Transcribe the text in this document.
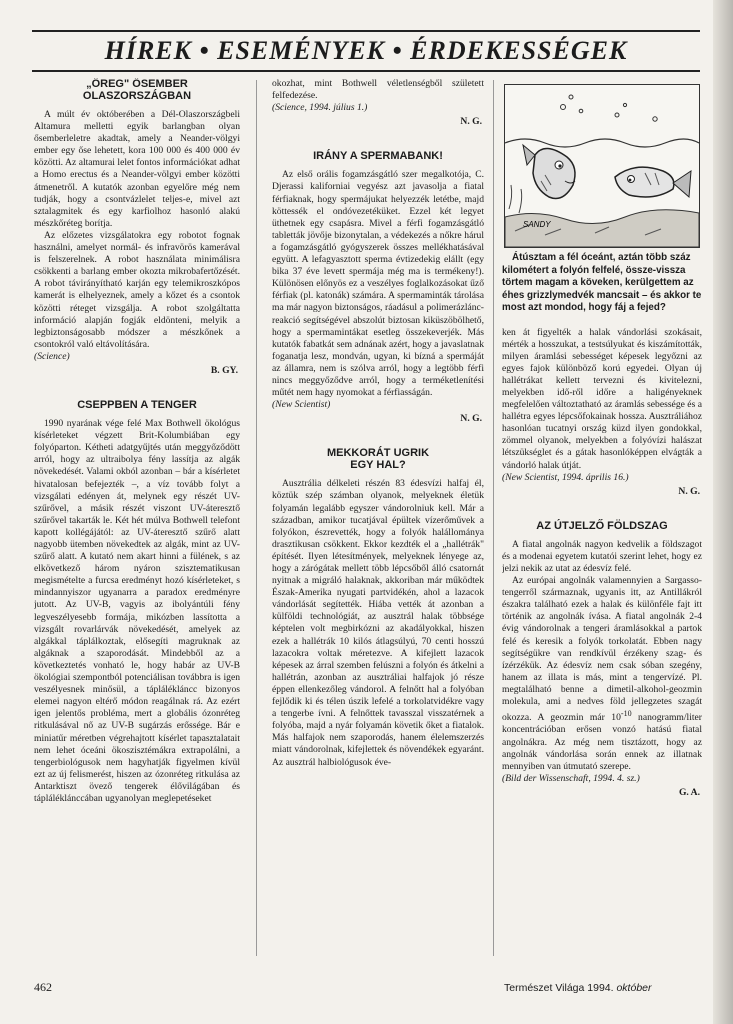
HÍREK • ESEMÉNYEK • ÉRDEKESSÉGEK
„ÖREG" ŐSEMBER
OLASZORSZÁGBAN

A múlt év októberében a Dél-Olaszországbeli Altamura melletti egyik barlangban olyan ősemberleletre akadtak, amely a Neander-völgyi ember egy őse lehetett, kora 100 000 és 400 000 év közötti. Az altamurai lelet fontos információkat adhat a Homo erectus és a Neander-völgyi ember közötti átmenetről. A kutatók azonban egyelőre még nem tudják, hogy a csontvázlelet teljes-e, mivel azt sztalagmitek és egy karfiolhoz hasonló alakú mészkőréteg borítja.

Az előzetes vizsgálatokra egy robotot fognak használni, amelyet normál- és infravörös kamerával is felszerelnek. A robot használata minimálisra csökkenti a barlang ember okozta mikrobafertőzését. A robot távirányítható karján egy telemikroszkópos kamerát is elhelyeznek, amely a kőzet és a csontok közötti réteget vizsgálja. A robot szolgáltatta információ alapján fogják eldönteni, melyik a legbiztonságosabb módszer a mészkőnek a csontokról való eltávolítására.

(Science)

B. GY.

CSEPPBEN A TENGER

1990 nyarának vége felé Max Bothwell ökológus kísérleteket végzett Brit-Kolumbiában egy folyóparton. Kétheti adatgyűjtés után meggyőződött arról, hogy az ultraibolya fény lassítja az algák növekedését. Valami okból azonban – bár a kísérletet hivatalosan befejezték –, a víz tovább folyt a vizsgálati edényen át, melynek egy részét UV-szűrővel, a másik részét viszont UV-áteresztő szűrővel takarták le. Két hét múlva Bothwell telefont kapott kollégájától: az UV-áteresztő szűrő alatt nagyobb ütemben növekedtek az algák, mint az UV-szűrő alatt. A kutató nem akart hinni a fülének, s az elkövetkező három nyáron szisztematikusan megismételte a furcsa eredményt hozó kísérleteket, s mindannyiszor ugyanarra a paradox eredményre jutott. Az UV-B, vagyis az ibolyántúli fény legveszélyesebb formája, mikózben lassította a vizsgált rovarlárvák növekedését, amelyek az algákkal táplálkoztak, elősegíti magruknak az algáknak a szaporodását. Mindebből az a következtetés vonható le, hogy habár az UV-B ökológiai szempontból potenciálisan továbbra is igen veszélyesnek minősül, a táplálékláncc bizonyos elemei nagyon eltérő módon reagálnak rá. Az ezért igen jelentős probléma, mert a globális ózonréteg ritkulásával nő az UV-B sugárzás erőssége. Bár e miniatűr méretben végrehajtott kísérlet tapasztalatait nem lehet óceáni ökoszisztémákra extrapolálni, a tengerbiológusok nem hagyhatják figyelmen kívül ezt az új felismerést, hiszen az ózonréteg ritkulása az Antarktiszt övező tengerek élővilágában és tápláléklánccában ugyanolyan meglepetéseket

okozhat, mint Bothwell véletlenségből született felfedezése.

(Science, 1994. július 1.)

N. G.

IRÁNY A SPERMABANK!

Az első orális fogamzásgátló szer megalkotója, C. Djerassi kaliforniai vegyész azt javasolja a fiatal férfiaknak, hogy spermájukat helyezzék letétbe, majd köttessék el ondóvezetéküket. Ezzel két legyet üthetnek egy csapásra. Mivel a férfi fogamzásgátló tabletták jövője bizonytalan, a védekezés a nőkre hárul a fogamzásgátló gyógyszerek összes mellékhatásával együtt. A lefagyasztott sperma évtizedekig elállt (egy bika 37 éve levett spermája még ma is termékeny!). Különösen előnyös ez a veszélyes foglalkozásokat űző férfiak (pl. katonák) számára. A spermaminták tárolása ma már nagyon biztonságos, ráadásul a polimerázlánc-reakció segítségével abszolút biztosan kiküszöbölhető, hogy a spermamintákat esetleg összekeverjék. Más kutatók fabatkát sem adnának azért, hogy a javaslatnak foganatja lesz, mondván, ugyan, ki bízná a spermáját az államra, nem is szólva arról, hogy a legtöbb férfi nincs meggyőződve arról, hogy a terméketlenítési műtét nem hagy nyomokat a férfiasságán.

(New Scientist)

N. G.

MEKKORÁT UGRIK
EGY HAL?

Ausztrália délkeleti részén 83 édesvízi halfaj él, köztük szép számban olyanok, melyeknek életük folyamán legalább egyszer vándorolniuk kell. Már a században, amikor tucatjával épültek vízerőművek a folyókon, észrevették, hogy a folyók halállománya drasztikusan csökkent. Ekkor kezdték el a „hallétrák" építését. Ilyen létesítmények, melyeknek lényege az, hogy a zárógátak mellett több lépcsőből álló csatornát nyitnak a migráló halaknak, akkoriban már működtek Észak-Amerika nyugati partvidékén, ahol a lazacok vándorlását segítették. Hiába vették át azonban a külföldi technológiát, az ausztrál halak többsége képtelen volt megbirkózni az akadályokkal, hiszen ezek a hallétrák 10 kilós átlagsúlyú, 70 centi hosszú lazacokra voltak méretezve. A kifejlett lazacok képesek az árral szemben felúszni a folyón és átkelni a hallétrán, azonban az ausztráliai halfajok jó része éppen ellenkezőleg vándorol. A felnőtt hal a folyóban fejlődik ki és télen úszik lefelé a torkolatvidékre vagy a tengerbe ívni. A felnőttek tavasszal visszatérnek a folyóba, majd a nyár folyamán követik őket a fiatalok. Más halfajok nem szaporodás, hanem élelemszerzés miatt vándorolnak, kifejlettek és növendékek egyaránt. Az ausztrál halbiológusok éve-

SANDY

Átúsztam a fél óceánt, aztán több száz kilométert a folyón felfelé, össze-vissza törtem magam a köveken, kerülgettem az éhes grizzlymedvék mancsait – és akkor te most azt mondod, hogy fáj a fejed?

ken át figyelték a halak vándorlási szokásait, mérték a hosszukat, a testsúlyukat és kiszámították, milyen áramlási sebességet képesek legyőzni az egyes fajok különböző korú egyedei. Olyan új hallétrákat kellett tervezni és kivitelezni, melyekben idő-ről időre a haligényeknek megfelelően változtatható az áramlás sebessége és a hallétra egyes lépcsőfokainak hossza. Ausztráliához hasonlóan tucatnyi ország küzd ilyen gondokkal, zömmel olyanok, melyekben a folyóvízi halászat létszükséglet és a gátak hasonlóképpen elvágták a vándorló halak útját.

(New Scientist, 1994. április 16.)

N. G.

AZ ÚTJELZŐ FÖLDSZAG

A fiatal angolnák nagyon kedvelik a földszagot és a modenai egyetem kutatói szerint lehet, hogy ez jelzi nekik az utat az édesvíz felé.

Az európai angolnák valamennyien a Sargasso-tengerről származnak, ugyanis itt, az Antillákról északra található ezek a halak és különféle fajt itt történik az angolnák ívása. A fiatal angolnák 2-4 évig vándorolnak a tengeri áramlásokkal a partok felé és keresik a folyók torkolatát. Ebben nagy segítségükre van rendkívül érzékeny szag- és ízérzékük. Az édesvíz nem csak sóban szegény, hanem az illata is más, mint a tengervízé. Pl. megtalálható benne a dimetil-alkohol-geozmin molekula, ami a nedves föld jellegzetes szagát okozza. A geozmin már $10^{-10}$ nanogramm/liter koncentrációban erősen vonzó hatású fiatal angolnákra. Az még nem tisztázott, hogy az angolnák vándorlása során ennek az illatnak mennyiben van útmutató szerepe.

(Bild der Wissenschaft, 1994. 4. sz.)

G. A.

462	Természet Világa 1994. október
